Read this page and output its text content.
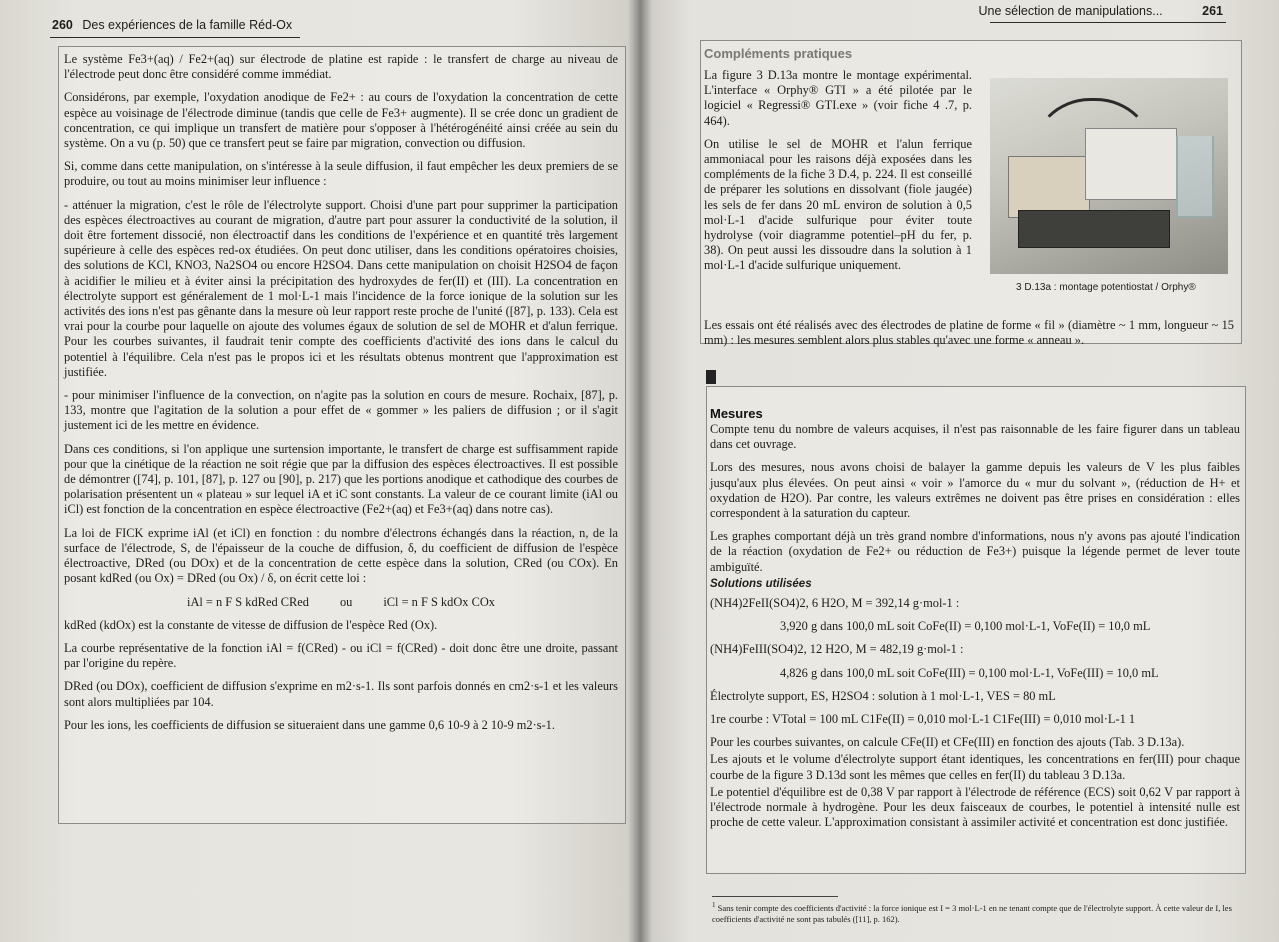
260 Des expériences de la famille Réd-Ox
Une sélection de manipulations...	261

Le système Fe3+(aq) / Fe2+(aq) sur électrode de platine est rapide : le transfert de charge au niveau de l'électrode peut donc être considéré comme immédiat.

Considérons, par exemple, l'oxydation anodique de Fe2+ : au cours de l'oxydation la concentration de cette espèce au voisinage de l'électrode diminue (tandis que celle de Fe3+ augmente). Il se crée donc un gradient de concentration, ce qui implique un transfert de matière pour s'opposer à l'hétérogénéité ainsi créée au sein du système. On a vu (p. 50) que ce transfert peut se faire par migration, convection ou diffusion.

Si, comme dans cette manipulation, on s'intéresse à la seule diffusion, il faut empêcher les deux premiers de se produire, ou tout au moins minimiser leur influence :

- atténuer la migration, c'est le rôle de l'électrolyte support. Choisi d'une part pour supprimer la participation des espèces électroactives au courant de migration, d'autre part pour assurer la conductivité de la solution, il doit être fortement dissocié, non électroactif dans les conditions de l'expérience et en quantité très largement supérieure à celle des espèces red-ox étudiées. On peut donc utiliser, dans les conditions opératoires choisies, des solutions de KCl, KNO3, Na2SO4 ou encore H2SO4. Dans cette manipulation on choisit H2SO4 de façon à acidifier le milieu et à éviter ainsi la précipitation des hydroxydes de fer(II) et (III). La concentration en électrolyte support est généralement de 1 mol·L-1 mais l'incidence de la force ionique de la solution sur les activités des ions n'est pas gênante dans la mesure où leur rapport reste proche de l'unité ([87], p. 133). Cela est vrai pour la courbe pour laquelle on ajoute des volumes égaux de solution de sel de MOHR et d'alun ferrique. Pour les courbes suivantes, il faudrait tenir compte des coefficients d'activité des ions dans le calcul du potentiel à l'équilibre. Cela n'est pas le propos ici et les résultats obtenus montrent que l'approximation est justifiée.

- pour minimiser l'influence de la convection, on n'agite pas la solution en cours de mesure. Rochaix, [87], p. 133, montre que l'agitation de la solution a pour effet de « gommer » les paliers de diffusion ; or il s'agit justement ici de les mettre en évidence.

Dans ces conditions, si l'on applique une surtension importante, le transfert de charge est suffisamment rapide pour que la cinétique de la réaction ne soit régie que par la diffusion des espèces électroactives. Il est possible de démontrer ([74], p. 101, [87], p. 127 ou [90], p. 217) que les portions anodique et cathodique des courbes de polarisation présentent un « plateau » sur lequel iA et iC sont constants. La valeur de ce courant limite (iAl ou iCl) est fonction de la concentration en espèce électroactive (Fe2+(aq) et Fe3+(aq) dans notre cas).

La loi de FICK exprime iAl (et iCl) en fonction : du nombre d'électrons échangés dans la réaction, n, de la surface de l'électrode, S, de l'épaisseur de la couche de diffusion, δ, du coefficient de diffusion de l'espèce électroactive, DRed (ou DOx) et de la concentration de cette espèce dans la solution, CRed (ou COx). En posant kdRed (ou Ox) = DRed (ou Ox) / δ, on écrit cette loi :

iAl = n F S kdRed CRed ou iCl = n F S kdOx COx

kdRed (kdOx) est la constante de vitesse de diffusion de l'espèce Red (Ox).

La courbe représentative de la fonction iAl = f(CRed) - ou iCl = f(CRed) - doit donc être une droite, passant par l'origine du repère.

DRed (ou DOx), coefficient de diffusion s'exprime en m2·s-1. Ils sont parfois donnés en cm2·s-1 et les valeurs sont alors multipliées par 104.

Pour les ions, les coefficients de diffusion se situeraient dans une gamme 0,6 10-9 à 2 10-9 m2·s-1.

Compléments pratiques

La figure 3 D.13a montre le montage expérimental. L'interface « Orphy® GTI » a été pilotée par le logiciel « Regressi® GTI.exe » (voir fiche 4 .7, p. 464).

On utilise le sel de MOHR et l'alun ferrique ammoniacal pour les raisons déjà exposées dans les compléments de la fiche 3 D.4, p. 224. Il est conseillé de préparer les solutions en dissolvant (fiole jaugée) les sels de fer dans 20 mL environ de solution à 0,5 mol·L-1 d'acide sulfurique pour éviter toute hydrolyse (voir diagramme potentiel–pH du fer, p. 38). On peut aussi les dissoudre dans la solution à 1 mol·L-1 d'acide sulfurique uniquement.

3 D.13a : montage potentiostat / Orphy®
Les essais ont été réalisés avec des électrodes de platine de forme « fil » (diamètre ~ 1 mm, longueur ~ 15 mm) : les mesures semblent alors plus stables qu'avec une forme « anneau ».
Mesures

Compte tenu du nombre de valeurs acquises, il n'est pas raisonnable de les faire figurer dans un tableau dans cet ouvrage.

Lors des mesures, nous avons choisi de balayer la gamme depuis les valeurs de V les plus faibles jusqu'aux plus élevées. On peut ainsi « voir » l'amorce du « mur du solvant », (réduction de H+ et oxydation de H2O). Par contre, les valeurs extrêmes ne doivent pas être prises en considération : elles correspondent à la saturation du capteur.

Les graphes comportant déjà un très grand nombre d'informations, nous n'y avons pas ajouté l'indication de la réaction (oxydation de Fe2+ ou réduction de Fe3+) puisque la légende permet de lever toute ambiguïté.

Solutions utilisées

(NH4)2FeII(SO4)2, 6 H2O, M = 392,14 g·mol-1 :

3,920 g dans 100,0 mL soit CoFe(II) = 0,100 mol·L-1, VoFe(II) = 10,0 mL

(NH4)FeIII(SO4)2, 12 H2O, M = 482,19 g·mol-1 :

4,826 g dans 100,0 mL soit CoFe(III) = 0,100 mol·L-1, VoFe(III) = 10,0 mL

Électrolyte support, ES, H2SO4 : solution à 1 mol·L-1, VES = 80 mL

1re courbe : VTotal = 100 mL C1Fe(II) = 0,010 mol·L-1 C1Fe(III) = 0,010 mol·L-1 1

Pour les courbes suivantes, on calcule CFe(II) et CFe(III) en fonction des ajouts (Tab. 3 D.13a).

Les ajouts et le volume d'électrolyte support étant identiques, les concentrations en fer(III) pour chaque courbe de la figure 3 D.13d sont les mêmes que celles en fer(II) du tableau 3 D.13a.

Le potentiel d'équilibre est de 0,38 V par rapport à l'électrode de référence (ECS) soit 0,62 V par rapport à l'électrode normale à hydrogène. Pour les deux faisceaux de courbes, le potentiel à intensité nulle est proche de cette valeur. L'approximation consistant à assimiler activité et concentration est donc justifiée.

$^1$ Sans tenir compte des coefficients d'activité : la force ionique est I = 3 mol·L-1 en ne tenant compte que de l'électrolyte support. À cette valeur de I, les coefficients d'activité ne sont pas tabulés ([11], p. 162).
